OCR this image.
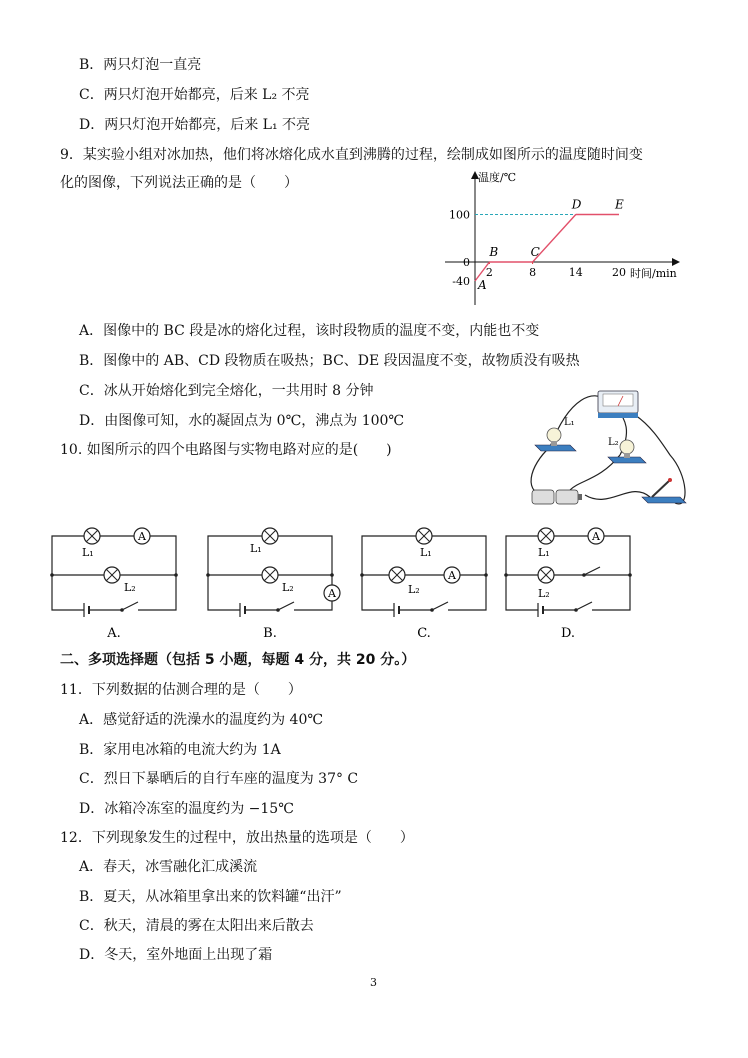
B．两只灯泡一直亮
C．两只灯泡开始都亮，后来 L₂ 不亮
D．两只灯泡开始都亮，后来 L₁ 不亮
9．某实验小组对冰加热，他们将冰熔化成水直到沸腾的过程，绘制成如图所示的温度随时间变
化的图像，下列说法正确的是（　　）	温度/℃
时间/min
-40
0
100
2	8	14	20
A
B	C
D	E
A．图像中的 BC 段是冰的熔化过程，该时段物质的温度不变，内能也不变
B．图像中的 AB、CD 段物质在吸热；BC、DE 段因温度不变，故物质没有吸热
C．冰从开始熔化到完全熔化，一共用时 8 分钟
D．由图像可知，水的凝固点为 0℃，沸点为 100℃
10. 如图所示的四个电路图与实物电路对应的是(　　)
L₁
L₂
A
L₁
L₂
A.
L₁
L₂	A
B.
L₁
A
L₂
C.
A
L₁
L₂
D.
二、多项选择题（包括 5 小题，每题 4 分，共 20 分。）
11．下列数据的估测合理的是（　　）
A．感觉舒适的洗澡水的温度约为 40℃
B．家用电冰箱的电流大约为 1A
C．烈日下暴晒后的自行车座的温度为 37° C
D．冰箱冷冻室的温度约为 −15℃
12．下列现象发生的过程中，放出热量的选项是（　　）
A．春天，冰雪融化汇成溪流
B．夏天，从冰箱里拿出来的饮料罐“出汗”
C．秋天，清晨的雾在太阳出来后散去
D．冬天，室外地面上出现了霜
3
